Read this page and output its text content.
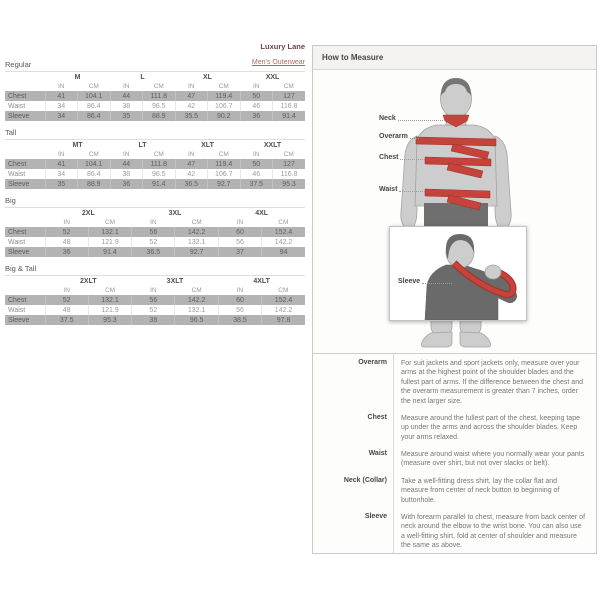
Luxury Lane
Men's Outerwear
Regular
	M		L		XL		XXL	
	IN	CM	IN	CM	IN	CM	IN	CM
Chest	41	104.1	44	111.8	47	119.4	50	127
Waist	34	86.4	38	96.5	42	106.7	46	116.8
Sleeve	34	86.4	35	88.9	35.5	90.2	36	91.4
Tall
	MT		LT		XLT		XXLT	
	IN	CM	IN	CM	IN	CM	IN	CM
Chest	41	104.1	44	111.8	47	119.4	50	127
Waist	34	86.4	38	96.5	42	106.7	46	116.8
Sleeve	35	88.9	36	91.4	36.5	92.7	37.5	95.3
Big
	2XL		3XL		4XL	
	IN	CM	IN	CM	IN	CM
Chest	52	132.1	56	142.2	60	152.4
Waist	48	121.9	52	132.1	56	142.2
Sleeve	36	91.4	36.5	92.7	37	94
Big & Tall
	2XLT		3XLT		4XLT	
	IN	CM	IN	CM	IN	CM
Chest	52	132.1	56	142.2	60	152.4
Waist	48	121.9	52	132.1	56	142.2
Sleeve	37.5	95.3	38	96.5	38.5	97.8
How to Measure
Neck
Overarm
Chest
Waist
Sleeve
Overarm	For suit jackets and sport jackets only, measure over your arms at the highest point of the shoulder blades and the fullest part of arms. If the difference between the chest and the overarm measurement is greater than 7 inches, order the next larger size.
Chest	Measure around the fullest part of the chest, keeping tape up under the arms and across the shoulder blades. Keep your arms relaxed.
Waist	Measure around waist where you normally wear your pants (measure over shirt, but not over slacks or belt).
Neck (Collar)	Take a well-fitting dress shirt, lay the collar flat and measure from center of neck button to beginning of buttonhole.
Sleeve	With forearm parallel to chest, measure from back center of neck around the elbow to the wrist bone. You can also use a well-fitting shirt, fold at center of shoulder and measure the same as above.
